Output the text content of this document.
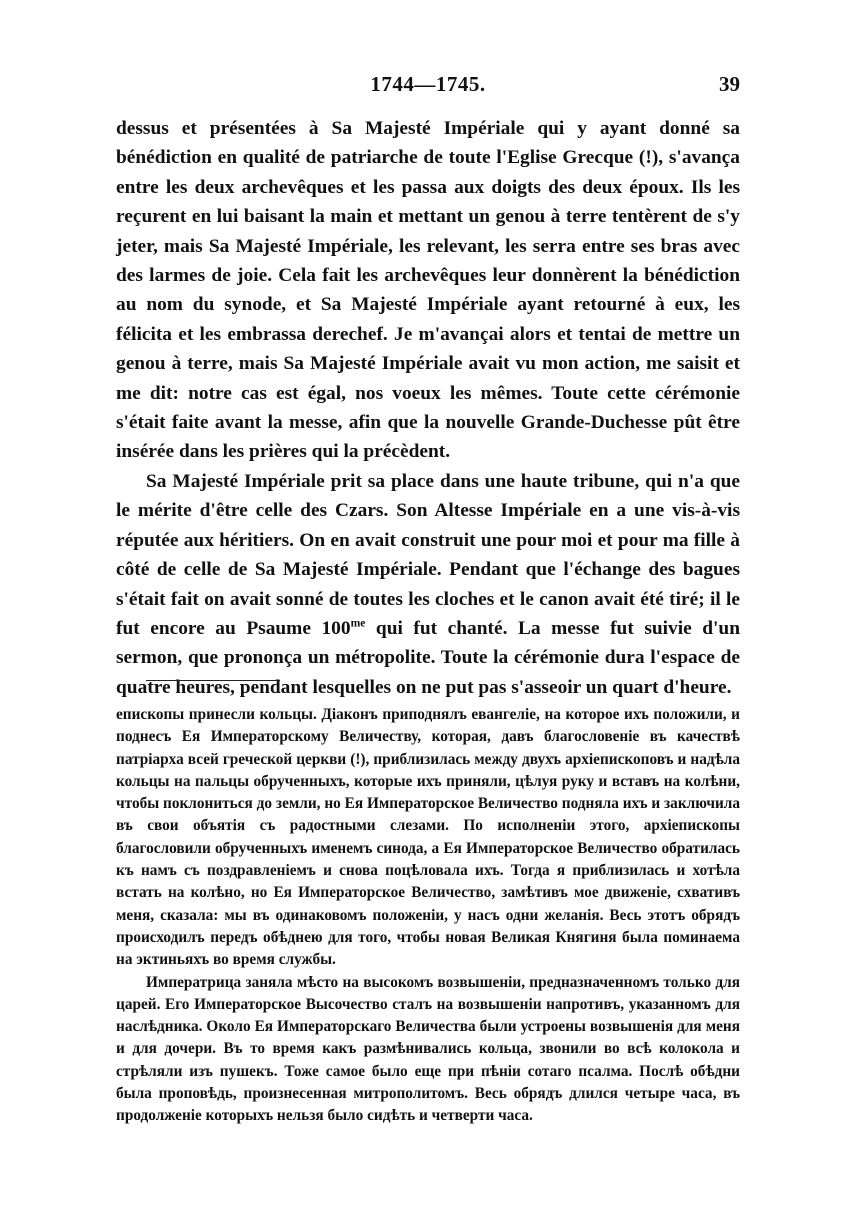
1744—1745.	39

dessus et présentées à Sa Majesté Impériale qui y ayant donné sa bénédiction en qualité de patriarche de toute l'Eglise Grecque (!), s'avança entre les deux archevêques et les passa aux doigts des deux époux. Ils les reçurent en lui baisant la main et mettant un genou à terre tentèrent de s'y jeter, mais Sa Majesté Impériale, les relevant, les serra entre ses bras avec des larmes de joie. Cela fait les archevêques leur donnèrent la bénédiction au nom du synode, et Sa Majesté Impériale ayant retourné à eux, les félicita et les embrassa derechef. Je m'avançai alors et tentai de mettre un genou à terre, mais Sa Majesté Impériale avait vu mon action, me saisit et me dit: notre cas est égal, nos voeux les mêmes. Toute cette cérémonie s'était faite avant la messe, afin que la nouvelle Grande-Duchesse pût être insérée dans les prières qui la précèdent.

Sa Majesté Impériale prit sa place dans une haute tribune, qui n'a que le mérite d'être celle des Czars. Son Altesse Impériale en a une vis-à-vis réputée aux héritiers. On en avait construit une pour moi et pour ma fille à côté de celle de Sa Majesté Impériale. Pendant que l'échange des bagues s'était fait on avait sonné de toutes les cloches et le canon avait été tiré; il le fut encore au Psaume $100^{me}$ qui fut chanté. La messe fut suivie d'un sermon, que prononça un métropolite. Toute la cérémonie dura l'espace de quatre heures, pendant lesquelles on ne put pas s'asseoir un quart d'heure.

епископы принесли кольцы. Діаконъ приподнялъ евангеліе, на которое ихъ положили, и поднесъ Ея Императорскому Величеству, которая, давъ благословеніе въ качествѣ патріарха всей греческой церкви (!), приблизилась между двухъ архіепископовъ и надѣла кольцы на пальцы обрученныхъ, которые ихъ приняли, цѣлуя руку и вставъ на колѣни, чтобы поклониться до земли, но Ея Императорское Величество подняла ихъ и заключила въ свои объятія съ радостными слезами. По исполненіи этого, архіепископы благословили обрученныхъ именемъ синода, а Ея Императорское Величество обратилась къ намъ съ поздравленіемъ и снова поцѣловала ихъ. Тогда я приблизилась и хотѣла встать на колѣно, но Ея Императорское Величество, замѣтивъ мое движеніе, схвативъ меня, сказала: мы въ одинаковомъ положеніи, у насъ одни желанія. Весь этотъ обрядъ происходилъ передъ обѣднею для того, чтобы новая Великая Княгиня была поминаема на эктиньяхъ во время службы.

Императрица заняла мѣсто на высокомъ возвышеніи, предназначенномъ только для царей. Его Императорское Высочество сталъ на возвышеніи напротивъ, указанномъ для наслѣдника. Около Ея Императорскаго Величества были устроены возвышенія для меня и для дочери. Въ то время какъ размѣнивались кольца, звонили во всѣ колокола и стрѣляли изъ пушекъ. Тоже самое было еще при пѣніи сотаго псалма. Послѣ обѣдни была проповѣдь, произнесенная митрополитомъ. Весь обрядъ длился четыре часа, въ продолженіе которыхъ нельзя было сидѣть и четверти часа.
